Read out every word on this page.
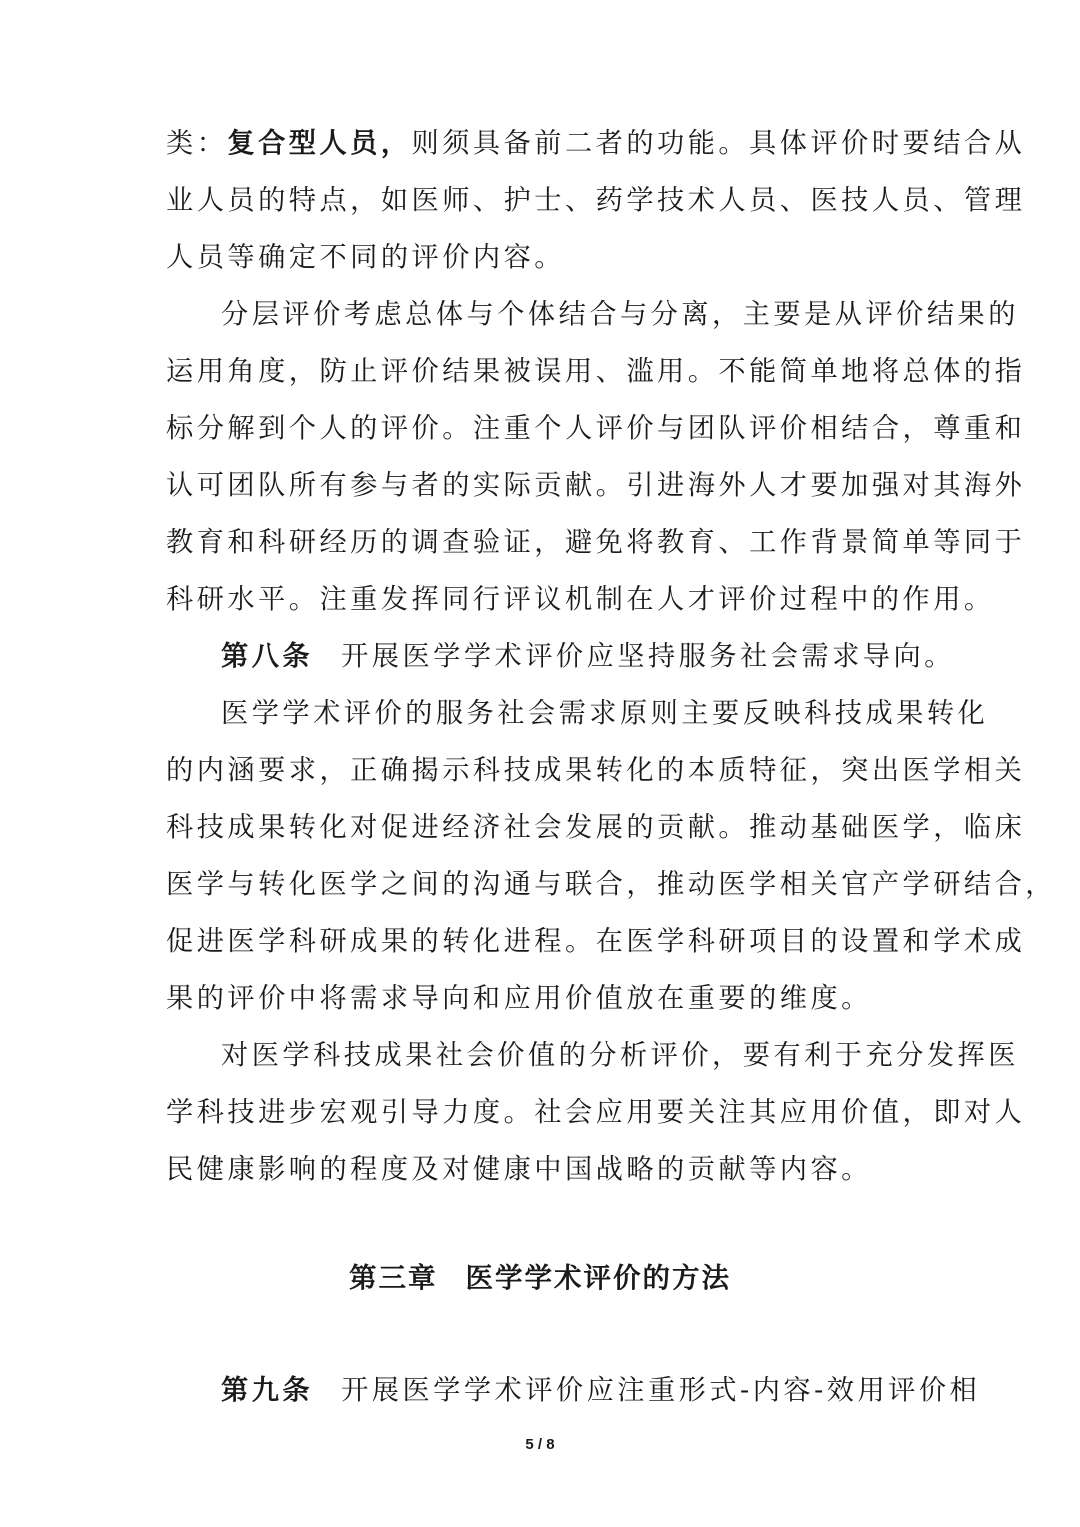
类：复合型人员，则须具备前二者的功能。具体评价时要结合从
业人员的特点，如医师、护士、药学技术人员、医技人员、管理
人员等确定不同的评价内容。
分层评价考虑总体与个体结合与分离，主要是从评价结果的
运用角度，防止评价结果被误用、滥用。不能简单地将总体的指
标分解到个人的评价。注重个人评价与团队评价相结合，尊重和
认可团队所有参与者的实际贡献。引进海外人才要加强对其海外
教育和科研经历的调查验证，避免将教育、工作背景简单等同于
科研水平。注重发挥同行评议机制在人才评价过程中的作用。
第八条 开展医学学术评价应坚持服务社会需求导向。
医学学术评价的服务社会需求原则主要反映科技成果转化
的内涵要求，正确揭示科技成果转化的本质特征，突出医学相关
科技成果转化对促进经济社会发展的贡献。推动基础医学，临床
医学与转化医学之间的沟通与联合，推动医学相关官产学研结合，
促进医学科研成果的转化进程。在医学科研项目的设置和学术成
果的评价中将需求导向和应用价值放在重要的维度。
对医学科技成果社会价值的分析评价，要有利于充分发挥医
学科技进步宏观引导力度。社会应用要关注其应用价值，即对人
民健康影响的程度及对健康中国战略的贡献等内容。
第三章 医学学术评价的方法
第九条 开展医学学术评价应注重形式-内容-效用评价相
5 / 8
